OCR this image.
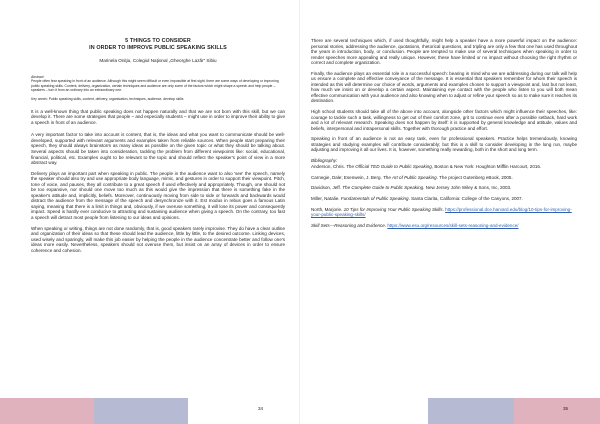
5 THINGS TO CONSIDER
IN ORDER TO IMPROVE PUBLIC SPEAKING SKILLS

Marinela Oniţiu, Colegiul Naţional „Gheorghe Lazăr” Sibiu

Abstract:
People often fear speaking in front of an audience. Although this might seem difficult or even impossible at first sight, there are some ways of developing or improving public speaking skills. Content, delivery, organization, certain techniques and audience are only some of the factors which might shape a speech and help people – speakers – turn it from an ordinary into an extraordinary one.

Key words: Public speaking skills, content, delivery, organisation, techniques, audience, develop skills

It is a well-known thing that public speaking does not happen naturally and that we are not born with this skill, but we can develop it. There are some strategies that people – and especially students – might use in order to improve their ability to give a speech in front of an audience.

A very important factor to take into account is content, that is, the ideas and what you want to communicate should be well-developed, supported with relevant arguments and examples taken from reliable sources. When people start preparing their speech, they should always brainstorm as many ideas as possible on the given topic or what they should be talking about. Several aspects should be taken into consideration, tackling the problem from different viewpoints like: social, educational, financial, political, etc. Examples ought to be relevant to the topic and should reflect the speaker's point of view in a more abstract way.

Delivery plays an important part when speaking in public. The people in the audience want to also 'see' the speech, namely the speaker should also try and use appropriate body language, mimic, and gestures in order to support their viewpoint. Pitch, tone of voice, and pauses, they all contribute to a great speech if used effectively and appropriately. Though, one should not be too expansive, nor should one move too much as this would give the impression that there is something fake in the speaker's attitude and, implicitly, beliefs. Moreover, continuously moving from side to side or forwards and backwards would distract the audience from the message of the speech and desynchronize with it. Est modus in rebus goes a famous Latin saying, meaning that there is a limit in things and, obviously, if we overuse something, it will lose its power and consequently impact. Speed is hardly ever conducive to attracting and sustaining audience when giving a speech. On the contrary, too fast a speech will detract most people from listening to our ideas and opinions.

When speaking or writing, things are not done randomly, that is, good speakers rarely improvise. They do have a clear outline and organization of their ideas so that these should lead the audience, little by little, to the desired outcome. Linking devices, used wisely and sparingly, will make this job easier by helping the people in the audience concentrate better and follow one's ideas more easily. Nevertheless, speakers should not overuse them, but insist on an array of devices in order to ensure coherence and cohesion.

There are several techniques which, if used thoughtfully, might help a speaker have a more powerful impact on the audience: personal stories, addressing the audience, quotations, rhetorical questions, and tripling are only a few that one has used throughout the years in introduction, body, or conclusion. People are tempted to make use of several techniques when speaking in order to render speeches more appealing and really unique. However, these have limited or no impact without choosing the right rhythm or correct and complete organization.

Finally, the audience plays an essential role in a successful speech: bearing in mind who we are addressing during our talk will help us ensure a complete and effective conveyance of the message. It is essential that speakers remember for whom their speech is intended as this will determine our choice of words, arguments and examples chosen to support a viewpoint and, last but not least, how much we insist on or develop a certain aspect. Maintaining eye contact with the people who listen to you will both mean effective communication with your audience and also knowing when to adjust or refine your speech so as to make sure it reaches its destination.

High school students should take all of the above into account, alongside other factors which might influence their speeches, like: courage to tackle such a task, willingness to get out of their comfort zone, grit to continue even after a possible setback, hard work and a lot of relevant research. Speaking does not happen by itself: it is supported by general knowledge and attitude, values and beliefs, interpersonal and intrapersonal skills. Together with thorough practice and effort.

Speaking in front of an audience is not an easy task, even for professional speakers. Practice helps tremendously, knowing strategies and studying examples will contribute considerably; but this is a skill to consider developing in the long run, maybe adjusting and improving it all our lives. It is, however, something really rewarding, both in the short and long term.

Bibliography:

Anderson, Chris. The Official TED Guide to Public Speaking, Boston & New York: Houghton Mifflin Harcourt, 2016.

Carnegie, Dale; Esenwein, J. Berg. The Art of Public Speaking. The project Gutenberg eBook, 2005.

Davidson, Jeff. The Complete Guide to Public Speaking. New Jersey John Wiley & Sons, Inc, 2003.

Miller, Natalie. Fundamentals of Public Speaking. Santa Clarita, California: College of the Canyons, 2007.

North, Marjorie. 10 Tips for Improving Your Public Speaking Skills. https://professional.dce.harvard.edu/blog/10-tips-for-improving-your-public-speaking-skills/

Skill Sets—Reasoning and Evidence. https://www.esu.org/resources/skill-sets-reasoning-and-evidence/

34	35
